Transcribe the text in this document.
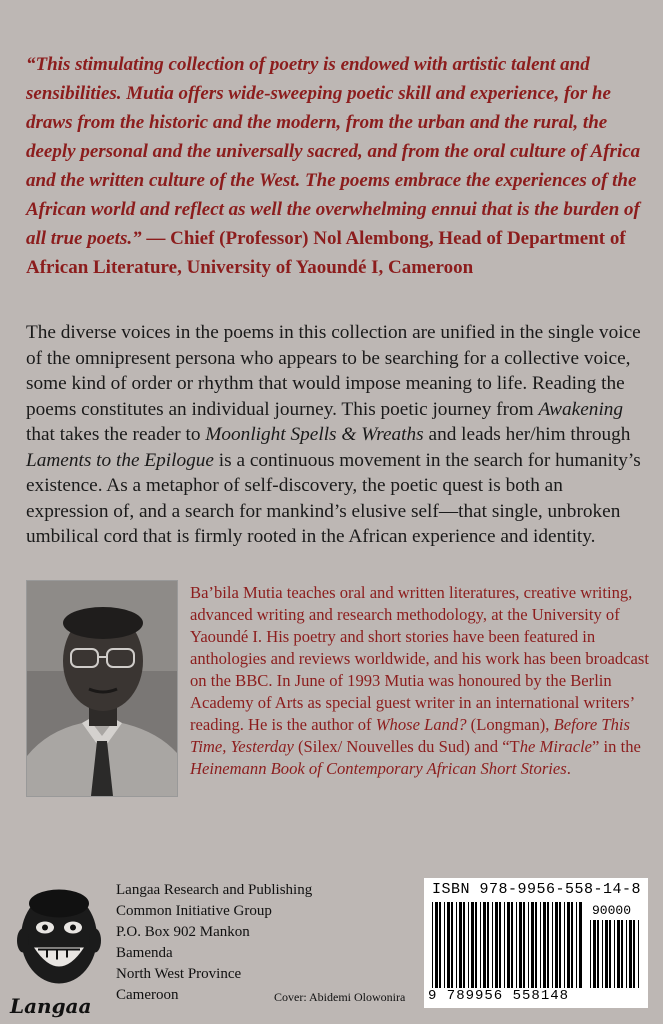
“This stimulating collection of poetry is endowed with artistic talent and sensibilities. Mutia offers wide-sweeping poetic skill and experience, for he draws from the historic and the modern, from the urban and the rural, the deeply personal and the universally sacred, and from the oral culture of Africa and the written culture of the West. The poems embrace the experiences of the African world and reflect as well the overwhelming ennui that is the burden of all true poets.” — Chief (Professor) Nol Alembong, Head of Department of African Literature, University of Yaoundé I, Cameroon
The diverse voices in the poems in this collection are unified in the single voice of the omnipresent persona who appears to be searching for a collective voice, some kind of order or rhythm that would impose meaning to life. Reading the poems constitutes an individual journey. This poetic journey from Awakening that takes the reader to Moonlight Spells & Wreaths and leads her/him through Laments to the Epilogue is a continuous movement in the search for humanity’s existence. As a metaphor of self-discovery, the poetic quest is both an expression of, and a search for mankind’s elusive self—that single, unbroken umbilical cord that is firmly rooted in the African experience and identity.
Ba’bila Mutia teaches oral and written literatures, creative writing, advanced writing and research methodology, at the University of Yaoundé I. His poetry and short stories have been featured in anthologies and reviews worldwide, and his work has been broadcast on the BBC. In June of 1993 Mutia was honoured by the Berlin Academy of Arts as special guest writer in an international writers’ reading. He is the author of Whose Land? (Longman), Before This Time, Yesterday (Silex/ Nouvelles du Sud) and “The Miracle” in the Heinemann Book of Contemporary African Short Stories.
Langaa
Langaa Research and Publishing
Common Initiative Group
P.O. Box 902 Mankon
Bamenda
North West Province
Cameroon	Cover: Abidemi Olowonira
ISBN 978-9956-558-14-8
90000
9 789956 558148
